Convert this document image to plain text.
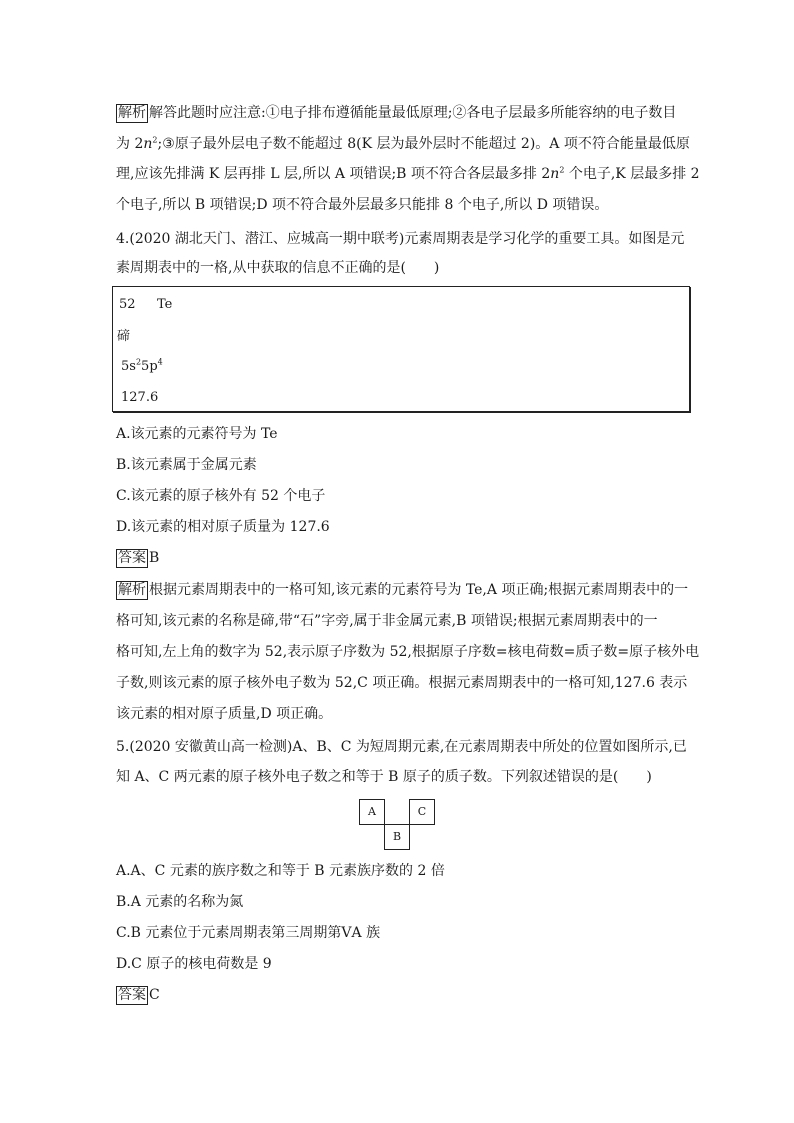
解析 解答此题时应注意:①电子排布遵循能量最低原理;②各电子层最多所能容纳的电子数目
为 $2n^2;③$原子最外层电子数不能超过 8(K 层为最外层时不能超过 2)。A 项不符合能量最低原
理,应该先排满 K 层再排 L 层,所以 A 项错误;B 项不符合各层最多排 $2n^2$ 个电子,K 层最多排 2
个电子,所以 B 项错误;D 项不符合最外层最多只能排 8 个电子,所以 D 项错误。
4.(2020 湖北天门、潜江、应城高一期中联考)元素周期表是学习化学的重要工具。如图是元
素周期表中的一格,从中获取的信息不正确的是(　　)
52 Te
碲
$5s^25p^4$
127.6
A.该元素的元素符号为 Te
B.该元素属于金属元素
C.该元素的原子核外有 52 个电子
D.该元素的相对原子质量为 127.6
答案 B
解析 根据元素周期表中的一格可知,该元素的元素符号为 Te,A 项正确;根据元素周期表中的一
格可知,该元素的名称是碲,带“石”字旁,属于非金属元素,B 项错误;根据元素周期表中的一
格可知,左上角的数字为 52,表示原子序数为 52,根据原子序数=核电荷数=质子数=原子核外电
子数,则该元素的原子核外电子数为 52,C 项正确。根据元素周期表中的一格可知,127.6 表示
该元素的相对原子质量,D 项正确。
5.(2020 安徽黄山高一检测)A、B、C 为短周期元素,在元素周期表中所处的位置如图所示,已
知 A、C 两元素的原子核外电子数之和等于 B 原子的质子数。下列叙述错误的是(　　)
A	C
B
A.A、C 元素的族序数之和等于 B 元素族序数的 2 倍
B.A 元素的名称为氮
C.B 元素位于元素周期表第三周期第ⅤA 族
D.C 原子的核电荷数是 9
答案 C
